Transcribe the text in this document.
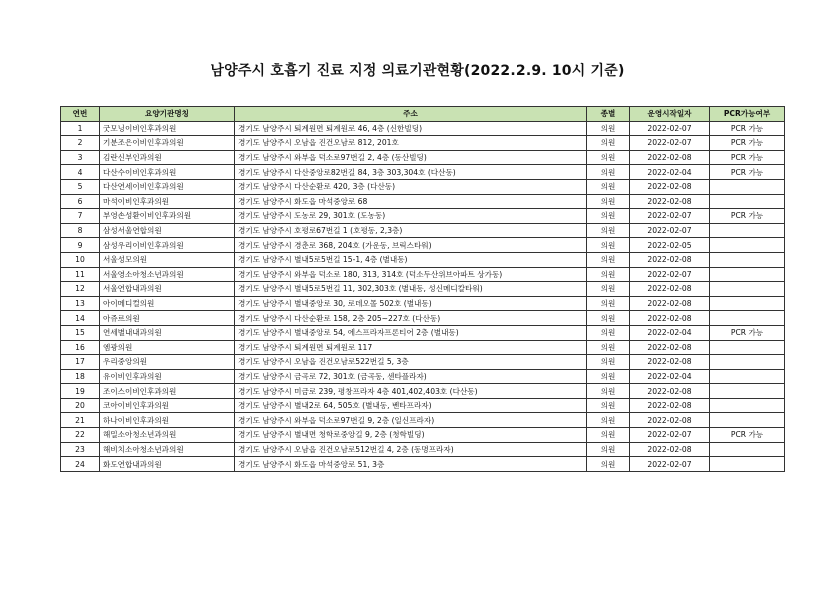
남양주시 호흡기 진료 지정 의료기관현황(2022.2.9. 10시 기준)
연번	요양기관명칭	주소	종별	운영시작일자	PCR가능여부
1	굿모닝이비인후과의원	경기도 남양주시 퇴계원면 퇴계원로 46, 4층 (신한빌딩)	의원	2022-02-07	PCR 가능
2	기분조은이비인후과의원	경기도 남양주시 오남읍 진건오남로 812, 201호	의원	2022-02-07	PCR 가능
3	김란신부인과의원	경기도 남양주시 와부읍 덕소로97번길 2, 4층 (동산빌딩)	의원	2022-02-08	PCR 가능
4	다산수이비인후과의원	경기도 남양주시 다산중앙로82번길 84, 3층 303,304호 (다산동)	의원	2022-02-04	PCR 가능
5	다산연세이비인후과의원	경기도 남양주시 다산순환로 420, 3층 (다산동)	의원	2022-02-08	
6	마석이비인후과의원	경기도 남양주시 화도읍 마석중앙로 68	의원	2022-02-08	
7	부영손성환이비인후과의원	경기도 남양주시 도농로 29, 301호 (도농동)	의원	2022-02-07	PCR 가능
8	삼성서울연합의원	경기도 남양주시 호평로67번길 1 (호평동, 2,3층)	의원	2022-02-07	
9	삼성우리이비인후과의원	경기도 남양주시 경춘로 368, 204호 (가운동, 브릭스타워)	의원	2022-02-05	
10	서울성모의원	경기도 남양주시 별내5로5번길 15-1, 4층 (별내동)	의원	2022-02-08	
11	서울영소아청소년과의원	경기도 남양주시 와부읍 덕소로 180, 313, 314호 (덕소두산위브아파트 상가동)	의원	2022-02-07	
12	서울연합내과의원	경기도 남양주시 별내5로5번길 11, 302,303호 (별내동, 성신메디칼타워)	의원	2022-02-08	
13	아이메디컬의원	경기도 남양주시 별내중앙로 30, 로데오몰 502호 (별내동)	의원	2022-02-08	
14	아쥬르의원	경기도 남양주시 다산순환로 158, 2층 205~227호 (다산동)	의원	2022-02-08	
15	연세별내내과의원	경기도 남양주시 별내중앙로 54, 에스프라자프론티어 2층 (별내동)	의원	2022-02-04	PCR 가능
16	엠광의원	경기도 남양주시 퇴계원면 퇴계원로 117	의원	2022-02-08	
17	우리중앙의원	경기도 남양주시 오남읍 진건오남로522번길 5, 3층	의원	2022-02-08	
18	유이비인후과의원	경기도 남양주시 금곡로 72, 301호 (금곡동, 센타플라자)	의원	2022-02-04	
19	조이스이비인후과의원	경기도 남양주시 미금로 239, 평창프라자 4층 401,402,403호 (다산동)	의원	2022-02-08	
20	코아이비인후과의원	경기도 남양주시 별내2로 64, 505호 (별내동, 벤타프라자)	의원	2022-02-08	
21	하나이비인후과의원	경기도 남양주시 와부읍 덕소로97번길 9, 2층 (일신프라자)	의원	2022-02-08	
22	해밀소아청소년과의원	경기도 남양주시 별내면 청학로중앙길 9, 2층 (청학빌딩)	의원	2022-02-07	PCR 가능
23	해비치소아청소년과의원	경기도 남양주시 오남읍 진건오남로512번길 4, 2층 (동명프라자)	의원	2022-02-08	
24	화도연합내과의원	경기도 남양주시 화도읍 마석중앙로 51, 3층	의원	2022-02-07	
